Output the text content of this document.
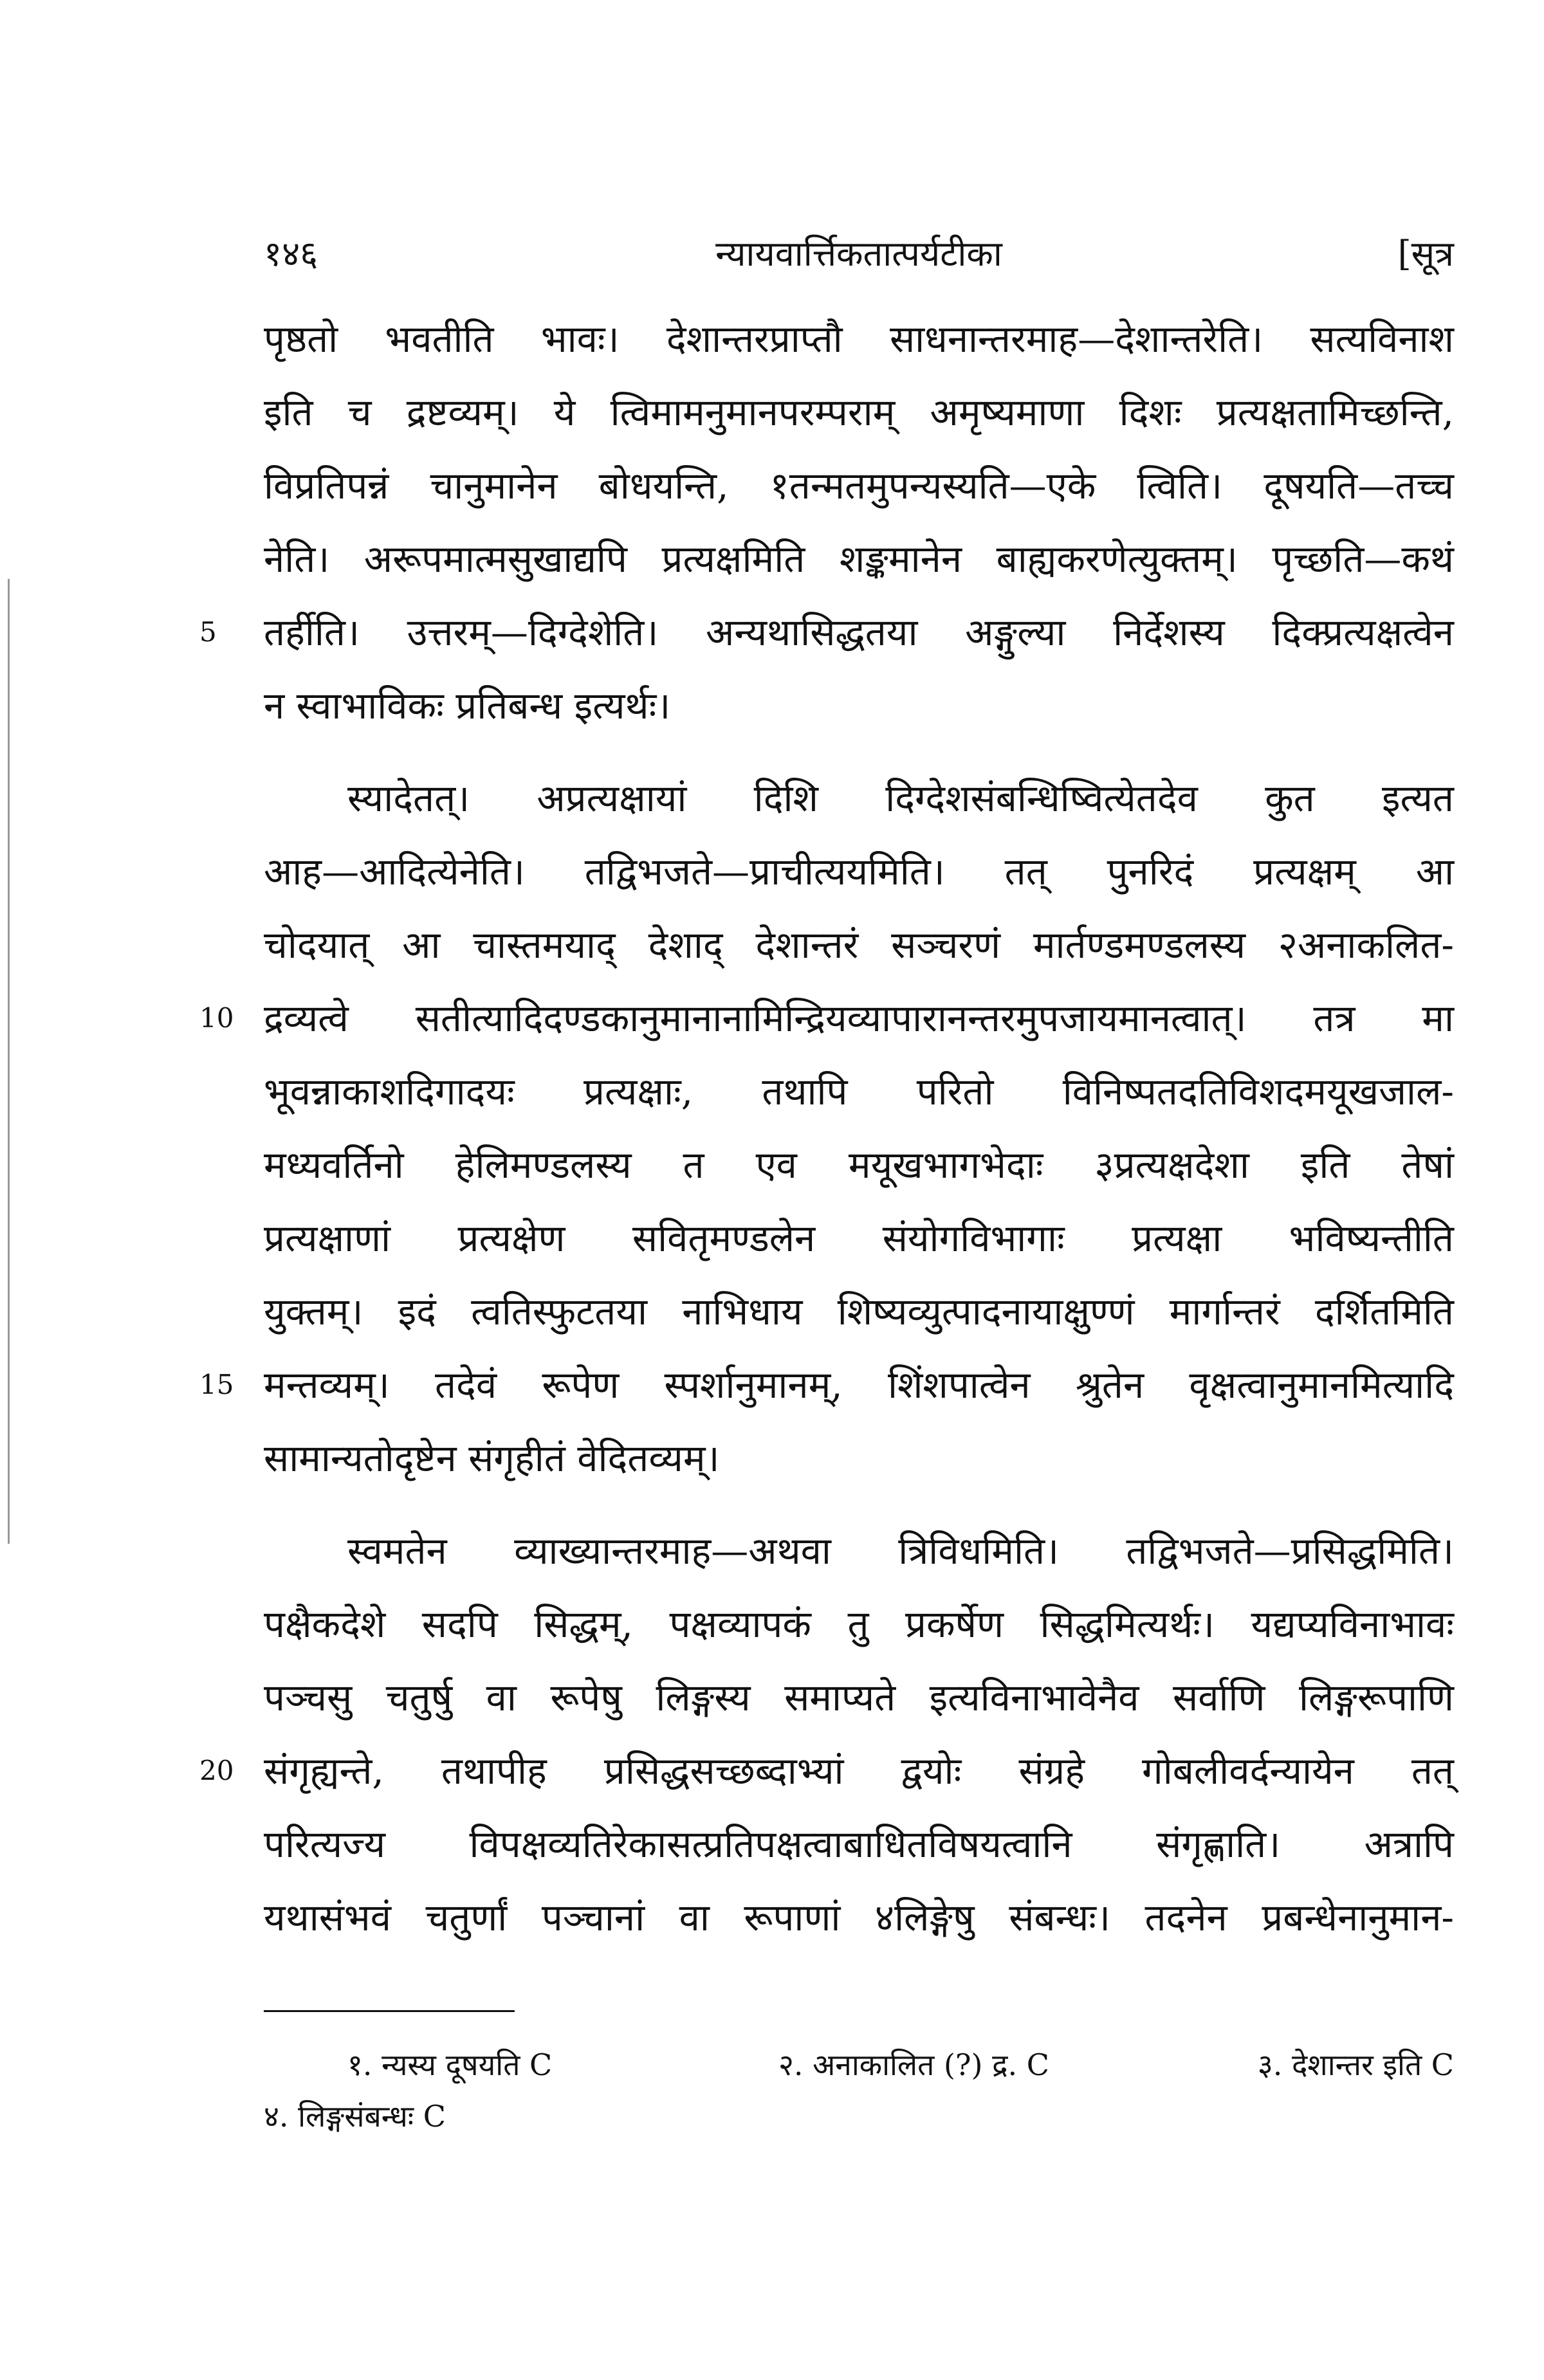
१४६	न्यायवार्त्तिकतात्पर्यटीका	[सूत्र
पृष्ठतो भवतीति भावः। देशान्तरप्राप्तौ साधनान्तरमाह—देशान्तरेति। सत्यविनाश
इति च द्रष्टव्यम्। ये त्विमामनुमानपरम्पराम् अमृष्यमाणा दिशः प्रत्यक्षतामिच्छन्ति,
विप्रतिपन्नं चानुमानेन बोधयन्ति, १तन्मतमुपन्यस्यति—एके त्विति। दूषयति—तच्च
नेति। अरूपमात्मसुखाद्यपि प्रत्यक्षमिति शङ्कमानेन बाह्यकरणेत्युक्तम्। पृच्छति—कथं
तर्हीति। उत्तरम्—दिग्देशेति। अन्यथासिद्धतया अङ्गुल्या निर्देशस्य दिक्प्रत्यक्षत्वेन
5
न स्वाभाविकः प्रतिबन्ध इत्यर्थः।
स्यादेतत्। अप्रत्यक्षायां दिशि दिग्देशसंबन्धिष्वित्येतदेव कुत इत्यत
आह—आदित्येनेति। तद्विभजते—प्राचीत्ययमिति। तत् पुनरिदं प्रत्यक्षम् आ
चोदयात् आ चास्तमयाद् देशाद् देशान्तरं सञ्चरणं मार्तण्डमण्डलस्य २अनाकलित-
द्रव्यत्वे सतीत्यादिदण्डकानुमानानामिन्द्रियव्यापारानन्तरमुपजायमानत्वात्। तत्र मा
10
भूवन्नाकाशदिगादयः प्रत्यक्षाः, तथापि परितो विनिष्पतदतिविशदमयूखजाल-
मध्यवर्तिनो हेलिमण्डलस्य त एव मयूखभागभेदाः ३प्रत्यक्षदेशा इति तेषां
प्रत्यक्षाणां प्रत्यक्षेण सवितृमण्डलेन संयोगविभागाः प्रत्यक्षा भविष्यन्तीति
युक्तम्। इदं त्वतिस्फुटतया नाभिधाय शिष्यव्युत्पादनायाक्षुण्णं मार्गान्तरं दर्शितमिति
मन्तव्यम्। तदेवं रूपेण स्पर्शानुमानम्, शिंशपात्वेन श्रुतेन वृक्षत्वानुमानमित्यादि
15
सामान्यतोदृष्टेन संगृहीतं वेदितव्यम्।
स्वमतेन व्याख्यान्तरमाह—अथवा त्रिविधमिति। तद्विभजते—प्रसिद्धमिति।
पक्षैकदेशे सदपि सिद्धम्, पक्षव्यापकं तु प्रकर्षेण सिद्धमित्यर्थः। यद्यप्यविनाभावः
पञ्चसु चतुर्षु वा रूपेषु लिङ्गस्य समाप्यते इत्यविनाभावेनैव सर्वाणि लिङ्गरूपाणि
संगृह्यन्ते, तथापीह प्रसिद्धसच्छब्दाभ्यां द्वयोः संग्रहे गोबलीवर्दन्यायेन तत्
20
परित्यज्य विपक्षव्यतिरेकासत्प्रतिपक्षत्वाबाधितविषयत्वानि संगृह्णाति। अत्रापि
यथासंभवं चतुर्णां पञ्चानां वा रूपाणां ४लिङ्गेषु संबन्धः। तदनेन प्रबन्धेनानुमान-
१. न्यस्य दूषयति C	२. अनाकालित (?) द्र. C	३. देशान्तर इति C
४. लिङ्गसंबन्धः C
